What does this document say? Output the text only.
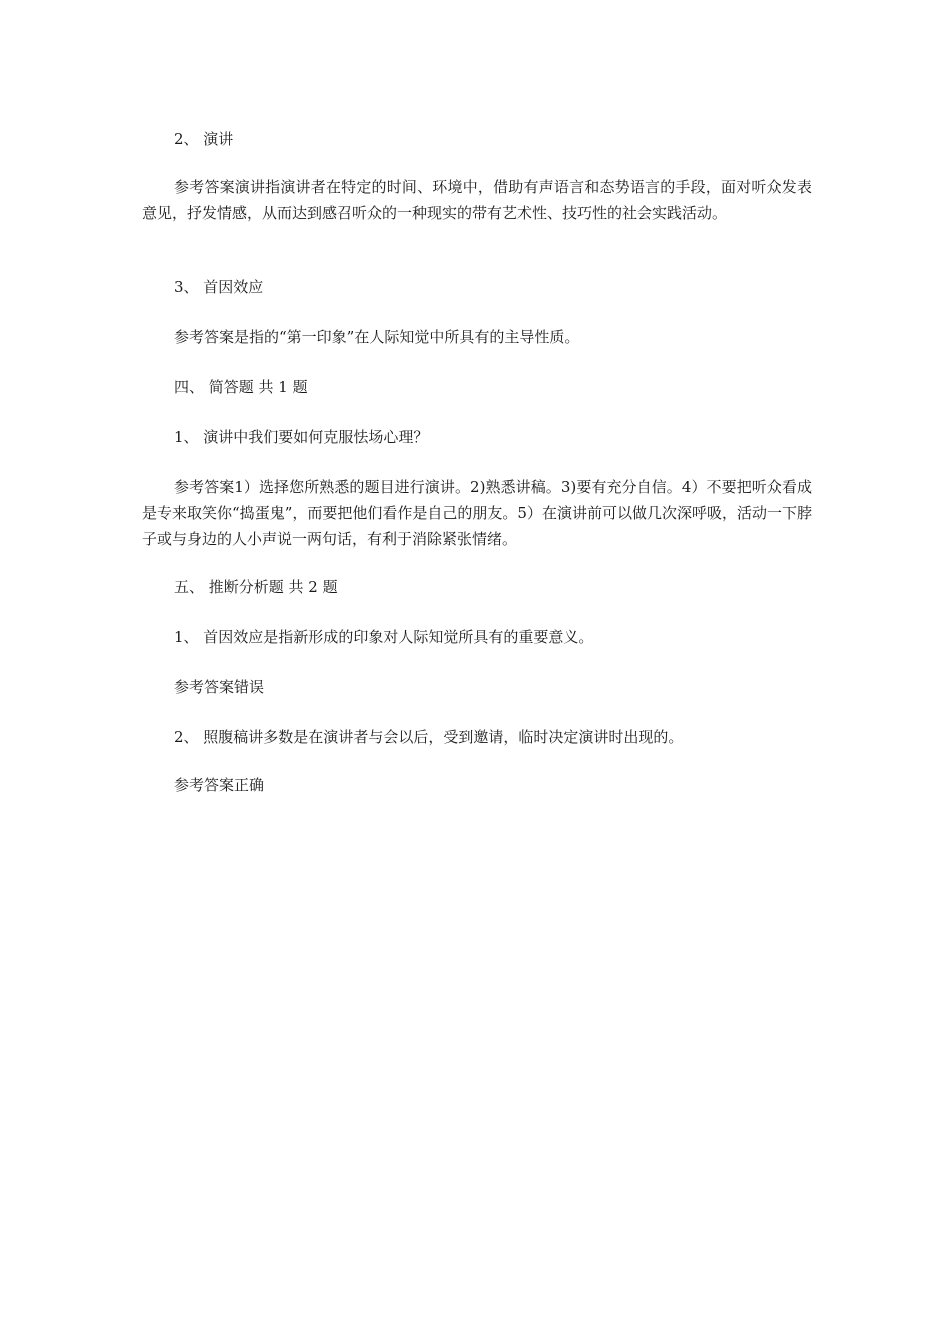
2、 演讲

参考答案演讲指演讲者在特定的时间、环境中，借助有声语言和态势语言的手段，面对听众发表意见，抒发情感，从而达到感召听众的一种现实的带有艺术性、技巧性的社会实践活动。

3、 首因效应

参考答案是指的“第一印象”在人际知觉中所具有的主导性质。

四、 简答题 共 1 题

1、 演讲中我们要如何克服怯场心理？

参考答案1）选择您所熟悉的题目进行演讲。2)熟悉讲稿。3)要有充分自信。4）不要把听众看成是专来取笑你“捣蛋鬼”，而要把他们看作是自己的朋友。5）在演讲前可以做几次深呼吸，活动一下脖子或与身边的人小声说一两句话，有利于消除紧张情绪。

五、 推断分析题 共 2 题

1、 首因效应是指新形成的印象对人际知觉所具有的重要意义。

参考答案错误

2、 照腹稿讲多数是在演讲者与会以后，受到邀请，临时决定演讲时出现的。

参考答案正确
